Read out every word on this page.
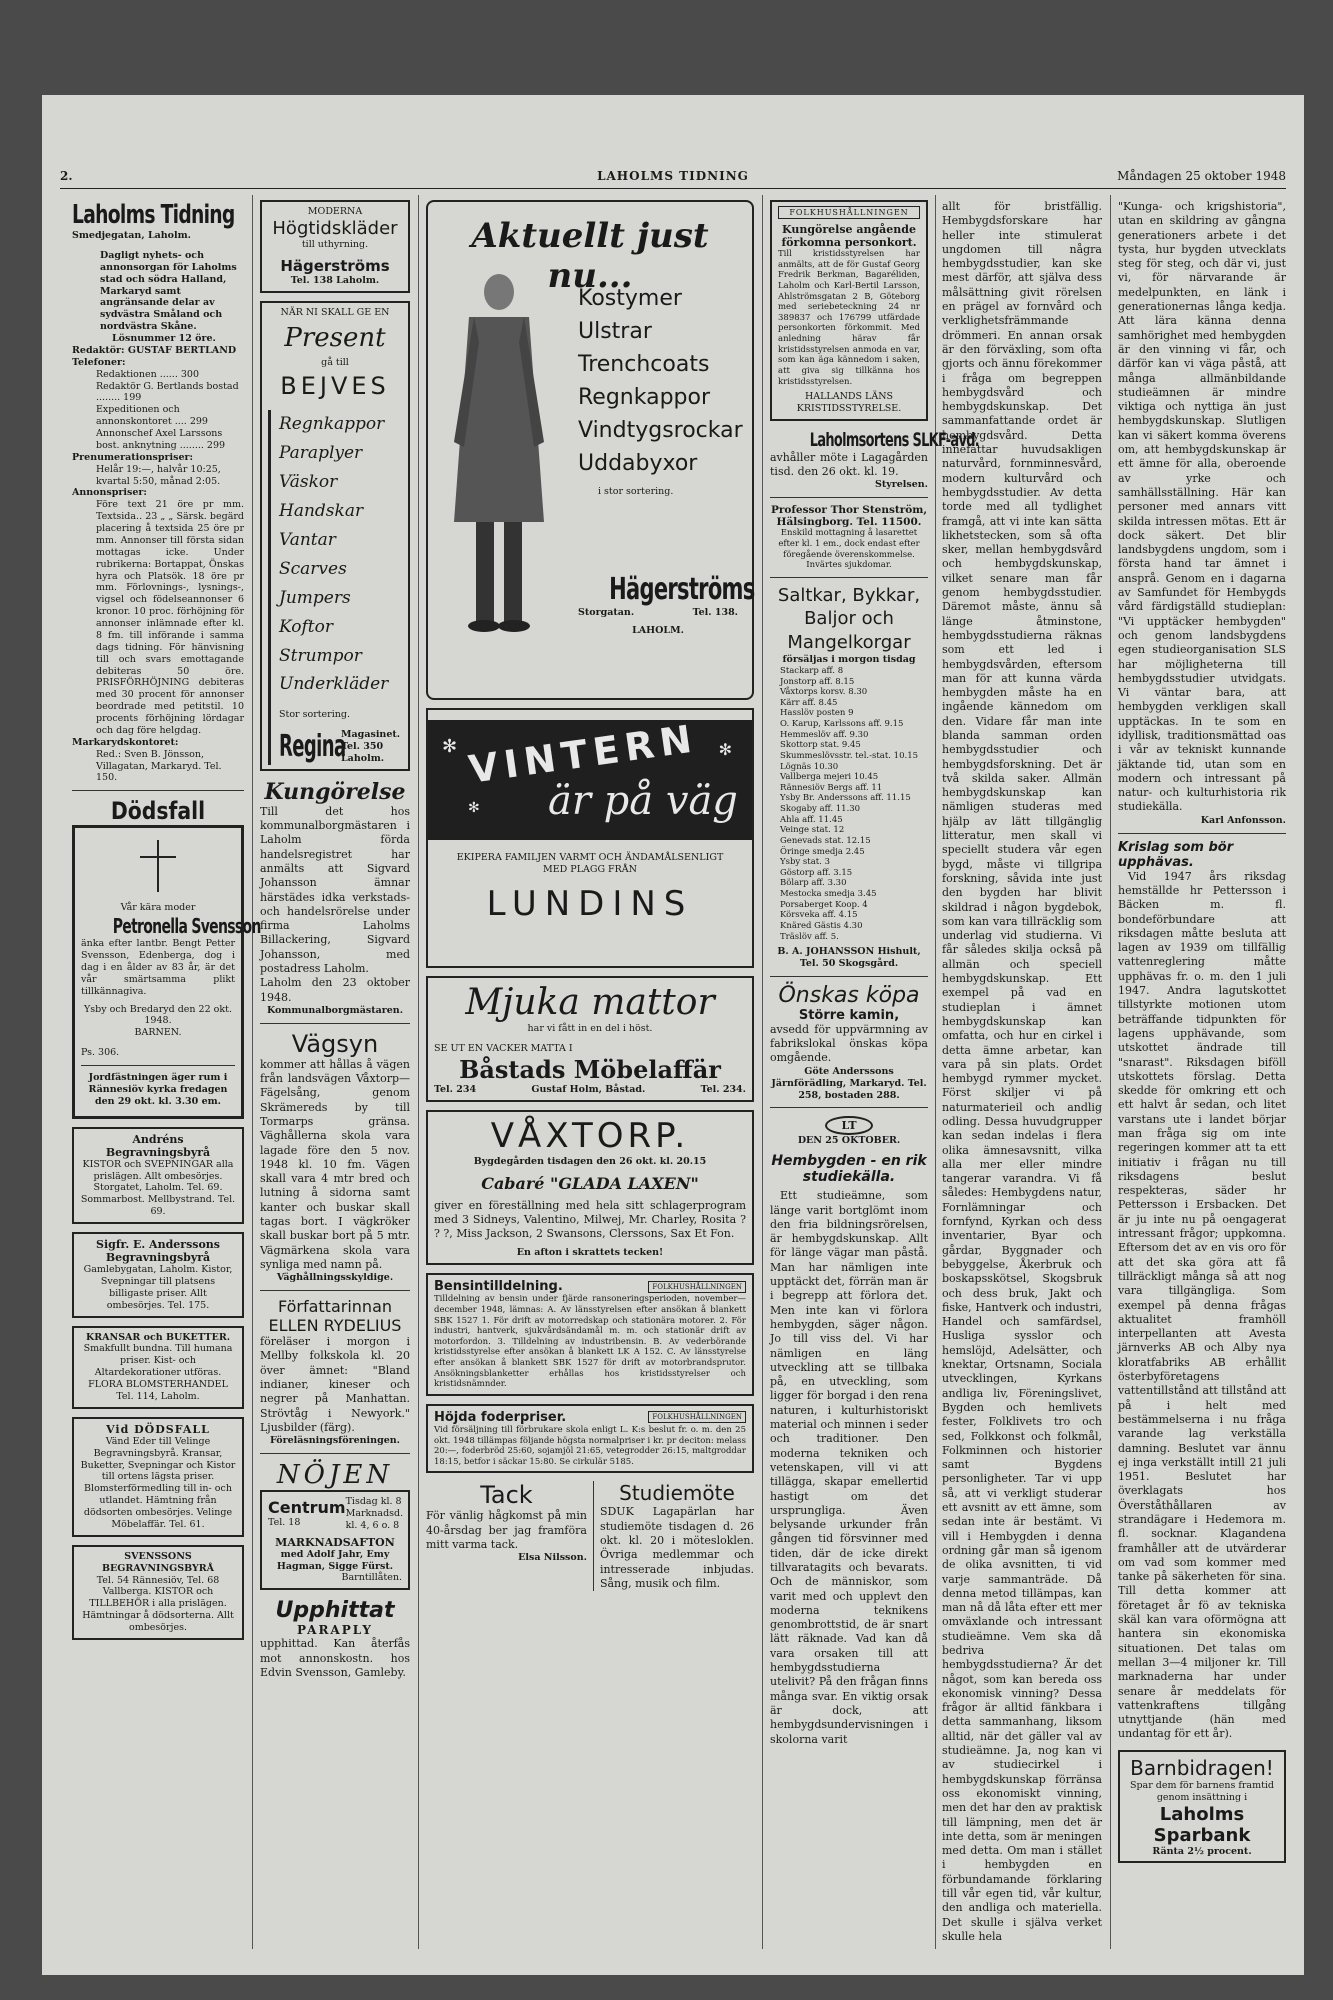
2.	LAHOLMS TIDNING	Måndagen 25 oktober 1948
Laholms Tidning
Smedjegatan, Laholm.
Dagligt nyhets- och annonsorgan för Laholms stad och södra Halland, Markaryd samt angränsande delar av sydvästra Småland och nordvästra Skåne.
Lösnummer 12 öre.
Redaktör: GUSTAF BERTLAND
Telefoner:
Redaktionen ...... 300
Redaktör G. Bertlands bostad ........ 199
Expeditionen och annonskontoret .... 299
Annonschef Axel Larssons bost. anknytning ........ 299
Prenumerationspriser:
Helår 19:—, halvår 10:25, kvartal 5:50, månad 2:05.
Annonspriser:
Före text 21 öre pr mm. Textsida.. 23 „ „ Särsk. begärd placering å textsida 25 öre pr mm. Annonser till första sidan mottagas icke. Under rubrikerna: Bortappat, Önskas hyra och Platsök. 18 öre pr mm. Förlovnings-, lysnings-, vigsel och födelseannonser 6 kronor. 10 proc. förhöjning för annonser inlämnade efter kl. 8 fm. till införande i samma dags tidning. För hänvisning till och svars emottagande debiteras 50 öre. PRISFÖRHÖJNING debiteras med 30 procent för annonser beordrade med petitstil. 10 procents förhöjning lördagar och dag före helgdag.
Markarydskontoret:
Red.: Sven B. Jönsson, Villagatan, Markaryd. Tel. 150.
Dödsfall
Vår kära moder
Petronella Svensson
änka efter lantbr. Bengt Petter Svensson, Edenberga, dog i dag i en ålder av 83 år, är det vår smärtsamma plikt tillkännagiva.
Ysby och Bredaryd den 22 okt. 1948.
BARNEN.
Ps. 306.
Jordfästningen äger rum i Rännesiöv kyrka fredagen den 29 okt. kl. 3.30 em.
Andréns Begravningsbyrå
KISTOR och SVEPNINGAR alla prislägen. Allt ombesörjes. Storgatet, Laholm. Tel. 69. Sommarbost. Mellbystrand. Tel. 69.
Sigfr. E. Anderssons Begravningsbyrå
Gamlebygatan, Laholm. Kistor, Svepningar till platsens billigaste priser. Allt ombesörjes. Tel. 175.
KRANSAR och BUKETTER.
Smakfullt bundna. Till humana priser. Kist- och Altardekorationer utföras. FLORA BLOMSTERHANDEL Tel. 114, Laholm.
Vid DÖDSFALL
Vänd Eder till Velinge Begravningsbyrå. Kransar, Buketter, Svepningar och Kistor till ortens lägsta priser. Blomsterförmedling till in- och utlandet. Hämtning från dödsorten ombesörjes. Velinge Möbelaffär. Tel. 61.
SVENSSONS BEGRAVNINGSBYRÅ
Tel. 54 Rännesiöv, Tel. 68 Vallberga. KISTOR och TILLBEHÖR i alla prislägen. Hämtningar å dödsorterna. Allt ombesörjes.
MODERNA
Högtidskläder
till uthyrning.
Hägerströms
Tel. 138 Laholm.
NÄR NI SKALL GE EN
Present
gå till
BEJVES
Regnkappor
Paraplyer
Väskor
Handskar
Vantar
Scarves
Jumpers
Koftor
Strumpor
Underkläder
Stor sortering.
Regina
Magasinet. Tel. 350 Laholm.
Kungörelse
Till det hos kommunalborgmästaren i Laholm förda handelsregistret har anmälts att Sigvard Johansson ämnar härstädes idka verkstads- och handelsrörelse under firma Laholms Billackering, Sigvard Johansson, med postadress Laholm.
Laholm den 23 oktober 1948.
Kommunalborgmästaren.
Vägsyn
kommer att hållas å vägen från landsvägen Våxtorp—Fägelsång, genom Skrämereds by till Tormarps gränsa. Väghållerna skola vara lagade före den 5 nov. 1948 kl. 10 fm. Vägen skall vara 4 mtr bred och lutning å sidorna samt kanter och buskar skall tagas bort. I vägkröker skall buskar bort på 5 mtr. Vägmärkena skola vara synliga med namn på.
Väghållningsskyldige.
Författarinnan
ELLEN RYDELIUS
föreläser i morgon i Mellby folkskola kl. 20 över ämnet: "Bland indianer, kineser och negrer på Manhattan. Strövtåg i Newyork." Ljusbilder (färg).
Föreläsningsföreningen.
NÖJEN
Centrum
Tel. 18
Tisdag kl. 8 Marknadsd. kl. 4, 6 o. 8
MARKNADSAFTON
med Adolf Jahr, Emy Hagman, Sigge Fürst.
Barntillåten.
Upphittat
PARAPLY
upphittad. Kan återfås mot annonskostn. hos Edvin Svensson, Gamleby.
Aktuellt just nu...
Kostymer
Ulstrar
Trenchcoats
Regnkappor
Vindtygsrockar
Uddabyxor
i stor sortering.
Hägerströms
Storgatan.	Tel. 138.
LAHOLM.
VINTERN
är på väg
✻
✻
✻
EKIPERA FAMILJEN VARMT OCH ÄNDAMÅLSENLIGT MED PLAGG FRÅN
LUNDINS
Mjuka mattor
har vi fått in en del i höst.
SE UT EN VACKER MATTA I
Båstads Möbelaffär
Tel. 234	Gustaf Holm, Båstad.	Tel. 234.
VÅXTORP.
Bygdegården tisdagen den 26 okt. kl. 20.15
Cabaré "GLADA LAXEN"
giver en föreställning med hela sitt schlagerprogram med 3 Sidneys, Valentino, Milwej, Mr. Charley, Rosita ? ? ?, Miss Jackson, 2 Swansons, Clerssons, Sax Et Fon.
En afton i skrattets tecken!
Bensintilldelning.	FOLKHUSHÅLLNINGEN
Tilldelning av bensin under fjärde ransoneringsperioden, november—december 1948, lämnas: A. Av länsstyrelsen efter ansökan å blankett SBK 1527 1. För drift av motorredskap och stationära motorer. 2. För industri, hantverk, sjukvårdsändamål m. m. och stationär drift av motorfordon. 3. Tilldelning av industribensin. B. Av vederbörande kristidsstyrelse efter ansökan å blankett LK A 152. C. Av länsstyrelse efter ansökan å blankett SBK 1527 för drift av motorbrandsprutor. Ansökningsblanketter erhållas hos kristidsstyrelser och kristidsnämnder.
Höjda foderpriser.	FOLKHUSHÅLLNINGEN
Vid försäljning till förbrukare skola enligt L. K:s beslut fr. o. m. den 25 okt. 1948 tillämpas följande högsta normalpriser i kr. pr deciton: melass 20:—, foderbröd 25:60, sojamjöl 21:65, vetegrodder 26:15, maltgroddar 18:15, betfor i säckar 15:80. Se cirkulär 5185.
Tack
För vänlig hågkomst på min 40-årsdag ber jag framföra mitt varma tack.
Elsa Nilsson.
Studiemöte
SDUK Lagapärlan har studiemöte tisdagen d. 26 okt. kl. 20 i mötesloklen. Övriga medlemmar och intresserade inbjudas. Sång, musik och film.
FOLKHUSHÅLLNINGEN
Kungörelse angående förkomna personkort.
Till kristidsstyrelsen har anmälts, att de för Gustaf Georg Fredrik Berkman, Bagaréliden, Laholm och Karl-Bertil Larsson, Ahlströmsgatan 2 B, Göteborg med seriebeteckning 24 nr 389837 och 176799 utfärdade personkorten förkommit. Med anledning härav får kristidsstyrelsen anmoda en var, som kan äga kännedom i saken, att giva sig tillkänna hos kristidsstyrelsen.
HALLANDS LÄNS KRISTIDSSTYRELSE.
Laholmsortens SLKF-avd.
avhåller möte i Lagagården tisd. den 26 okt. kl. 19.
Styrelsen.
Professor Thor Stenström, Hälsingborg. Tel. 11500.
Enskild mottagning å lasarettet efter kl. 1 em., dock endast efter föregående överenskommelse. Invärtes sjukdomar.
Saltkar, Bykkar, Baljor och Mangelkorgar
försäljas i morgon tisdag
Stackarp aff. 8
Jonstorp aff. 8.15
Våxtorps korsv. 8.30
Kärr aff. 8.45
Hasslöv posten 9
O. Karup, Karlssons aff. 9.15
Hemmeslöv aff. 9.30
Skottorp stat. 9.45
Skummeslövsstr. tel.-stat. 10.15
Lögnäs 10.30
Vallberga mejeri 10.45
Rännesiöv Bergs aff. 11
Ysby Br. Anderssons aff. 11.15
Skogaby aff. 11.30
Ahla aff. 11.45
Veinge stat. 12
Genevads stat. 12.15
Öringe smedja 2.45
Ysby stat. 3
Göstorp aff. 3.15
Bölarp aff. 3.30
Mestocka smedja 3.45
Porsaberget Koop. 4
Körsveka aff. 4.15
Knäred Gästis 4.30
Träslöv aff. 5.
B. A. JOHANSSON Hishult, Tel. 50 Skogsgård.
Önskas köpa
Större kamin,
avsedd för uppvärmning av fabrikslokal önskas köpa omgående.
Göte Anderssons Järnförädling, Markaryd. Tel. 258, bostaden 288.
LT
DEN 25 OKTOBER.
Hembygden - en rik studiekälla.
Ett studieämne, som länge varit bortglömt inom den fria bildningsrörelsen, är hembygdskunskap. Allt för länge vägar man påstå. Man har nämligen inte upptäckt det, förrän man är i begrepp att förlora det. Men inte kan vi förlora hembygden, säger någon. Jo till viss del. Vi har nämligen en läng utveckling att se tillbaka på, en utveckling, som ligger för borgad i den rena naturen, i kulturhistoriskt material och minnen i seder och traditioner. Den moderna tekniken och vetenskapen, vill vi att tillägga, skapar emellertid hastigt om det ursprungliga. Även belysande urkunder från gången tid försvinner med tiden, där de icke direkt tillvaratagits och bevarats. Och de människor, som varit med och upplevt den moderna teknikens genombrottstid, de är snart lätt räknade. Vad kan då vara orsaken till att hembygdsstudierna utelivit? På den frågan finns många svar. En viktig orsak är dock, att hembygdsundervisningen i skolorna varit
allt för bristfällig. Hembygdsforskare har heller inte stimulerat ungdomen till några hembygdsstudier, kan ske mest därför, att själva dess målsättning givit rörelsen en prägel av fornvård och verklighetsfrämmande drömmeri. En annan orsak är den förväxling, som ofta gjorts och ännu förekommer i fråga om begreppen hembygdsvård och hembygdskunskap. Det sammanfattande ordet är hembygdsvård. Detta innefattar huvudsakligen naturvård, fornminnesvård, modern kulturvård och hembygdsstudier. Av detta torde med all tydlighet framgå, att vi inte kan sätta likhetstecken, som så ofta sker, mellan hembygdsvård och hembygdskunskap, vilket senare man får genom hembygdsstudier. Däremot måste, ännu så länge åtminstone, hembygdsstudierna räknas som ett led i hembygdsvården, eftersom man för att kunna värda hembygden måste ha en ingående kännedom om den. Vidare får man inte blanda samman orden hembygdsstudier och hembygdsforskning. Det är två skilda saker. Allmän hembygdskunskap kan nämligen studeras med hjälp av lätt tillgänglig litteratur, men skall vi speciellt studera vår egen bygd, måste vi tillgripa forskning, såvida inte just den bygden har blivit skildrad i någon bygdebok, som kan vara tillräcklig som underlag vid studierna. Vi får således skilja också på allmän och speciell hembygdskunskap. Ett exempel på vad en studieplan i ämnet hembygdskunskap kan omfatta, och hur en cirkel i detta ämne arbetar, kan vara på sin plats. Ordet hembygd rymmer mycket. Först skiljer vi på naturmaterieil och andlig odling. Dessa huvudgrupper kan sedan indelas i flera olika ämnesavsnitt, vilka alla mer eller mindre tangerar varandra. Vi få således: Hembygdens natur, Fornlämningar och fornfynd, Kyrkan och dess inventarier, Byar och gårdar, Byggnader och bebyggelse, Åkerbruk och boskapsskötsel, Skogsbruk och dess bruk, Jakt och fiske, Hantverk och industri, Handel och samfärdsel, Husliga sysslor och hemslöjd, Adelsätter, och knektar, Ortsnamn, Sociala utvecklingen, Kyrkans andliga liv, Föreningslivet, Bygden och hemlivets fester, Folklivets tro och sed, Folkkonst och folkmål, Folkminnen och historier samt Bygdens personligheter. Tar vi upp så, att vi verkligt studerar ett avsnitt av ett ämne, som sedan inte är bestämt. Vi vill i Hembygden i denna ordning går man så igenom de olika avsnitten, ti vid varje sammanträde. Då denna metod tillämpas, kan man nå då låta efter ett mer omväxlande och intressant studieämne. Vem ska då bedriva hembygdsstudierna? Är det något, som kan bereda oss ekonomisk vinning? Dessa frågor är alltid fänkbara i detta sammanhang, liksom alltid, när det gäller val av studieämne. Ja, nog kan vi av studiecirkel i hembygdskunskap förränsa oss ekonomiskt vinning, men det har den av praktisk till lämpning, men det är inte detta, som är meningen med detta. Om man i stället i hembygden en förbundamande förklaring till vår egen tid, vår kultur, den andliga och materiella. Det skulle i själva verket skulle hela
"Kunga- och krigshistoria", utan en skildring av gångna generationers arbete i det tysta, hur bygden utvecklats steg för steg, och där vi, just vi, för närvarande är medelpunkten, en länk i generationernas långa kedja. Att lära känna denna samhörighet med hembygden är den vinning vi får, och därför kan vi väga påstå, att många allmänbildande studieämnen är mindre viktiga och nyttiga än just hembygdskunskap. Slutligen kan vi säkert komma överens om, att hembygdskunskap är ett ämne för alla, oberoende av yrke och samhällsställning. Här kan personer med annars vitt skilda intressen mötas. Ett är dock säkert. Det blir landsbygdens ungdom, som i första hand tar ämnet i ansprå. Genom en i dagarna av Samfundet för Hembygds vård färdigställd studieplan: "Vi upptäcker hembygden" och genom landsbygdens egen studieorganisation SLS har möjligheterna till hembygdsstudier utvidgats. Vi väntar bara, att hembygden verkligen skall upptäckas. In te som en idyllisk, traditionsmättad oas i vår av tekniskt kunnande jäktande tid, utan som en modern och intressant på natur- och kulturhistoria rik studiekälla.
Karl Anfonsson.
Krislag som bör upphävas.
Vid 1947 års riksdag hemställde hr Pettersson i Bäcken m. fl. bondeförbundare att riksdagen måtte besluta att lagen av 1939 om tillfällig vattenreglering måtte upphävas fr. o. m. den 1 juli 1947. Andra lagutskottet tillstyrkte motionen utom beträffande tidpunkten för lagens upphävande, som utskottet ändrade till "snarast". Riksdagen biföll utskottets förslag. Detta skedde för omkring ett och ett halvt år sedan, och litet varstans ute i landet börjar man fråga sig om inte regeringen kommer att ta ett initiativ i frågan nu till riksdagens beslut respekteras, säder hr Pettersson i Ersbacken. Det är ju inte nu på oengagerat intressant frågor; uppkomna. Eftersom det av en vis oro för att det ska göra att få tillräckligt många så att nog vara tillgängliga. Som exempel på denna frågas aktualitet framhöll interpellanten att Avesta järnverks AB och Alby nya kloratfabriks AB erhållit österbyföretagens vattentillstånd att tillstånd att på i helt med bestämmelserna i nu fråga varande lag verkställa damning. Beslutet var ännu ej inga verkställt intill 21 juli 1951. Beslutet har överklagats hos Överståthållaren av strandägare i Hedemora m. fl. socknar. Klagandena framhåller att de utvärderar om vad som kommer med tanke på säkerheten för sina. Till detta kommer att företaget år fö av tekniska skäl kan vara oförmögna att hantera sin ekonomiska situationen. Det talas om mellan 3—4 miljoner kr. Till marknaderna har under senare år meddelats för vattenkraftens tillgång utnyttjande (hän med undantag för ett år).
Barnbidragen!
Spar dem för barnens framtid genom insättning i
Laholms Sparbank
Ränta 2½ procent.
